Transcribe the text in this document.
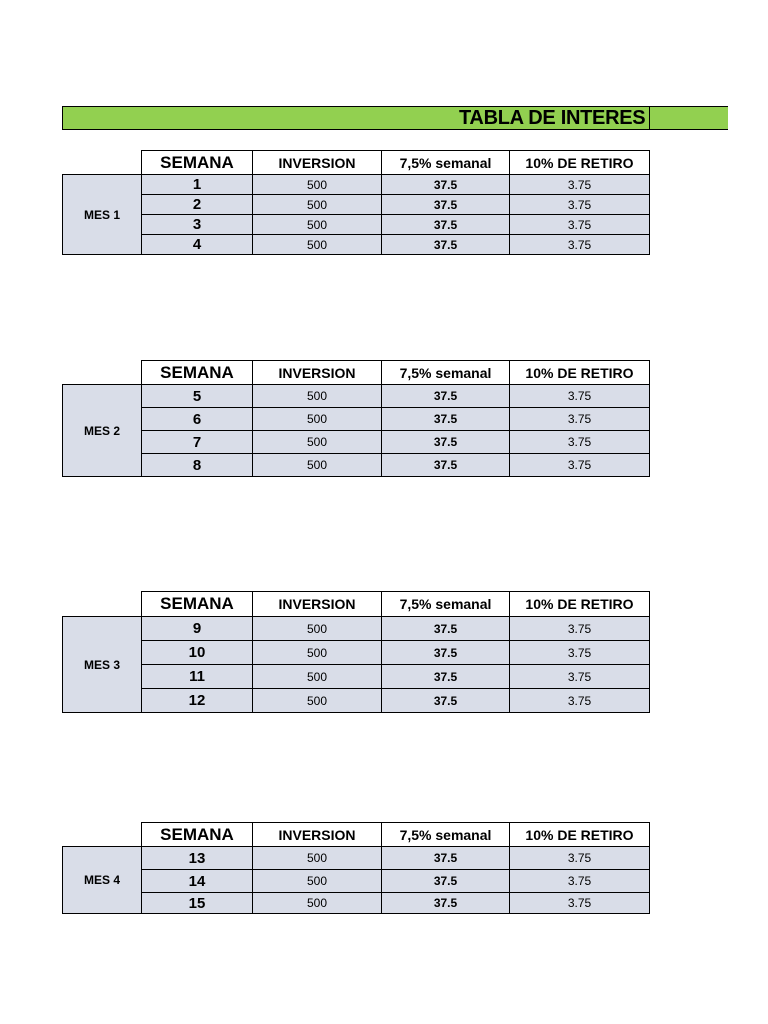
TABLA DE INTERES
	SEMANA	INVERSION	7,5% semanal	10% DE RETIRO
MES 1	1	500	37.5	3.75
	2	500	37.5	3.75
	3	500	37.5	3.75
	4	500	37.5	3.75
	SEMANA	INVERSION	7,5% semanal	10% DE RETIRO
MES 2	5	500	37.5	3.75
	6	500	37.5	3.75
	7	500	37.5	3.75
	8	500	37.5	3.75
	SEMANA	INVERSION	7,5% semanal	10% DE RETIRO
MES 3	9	500	37.5	3.75
	10	500	37.5	3.75
	11	500	37.5	3.75
	12	500	37.5	3.75
	SEMANA	INVERSION	7,5% semanal	10% DE RETIRO
MES 4	13	500	37.5	3.75
	14	500	37.5	3.75
	15	500	37.5	3.75
